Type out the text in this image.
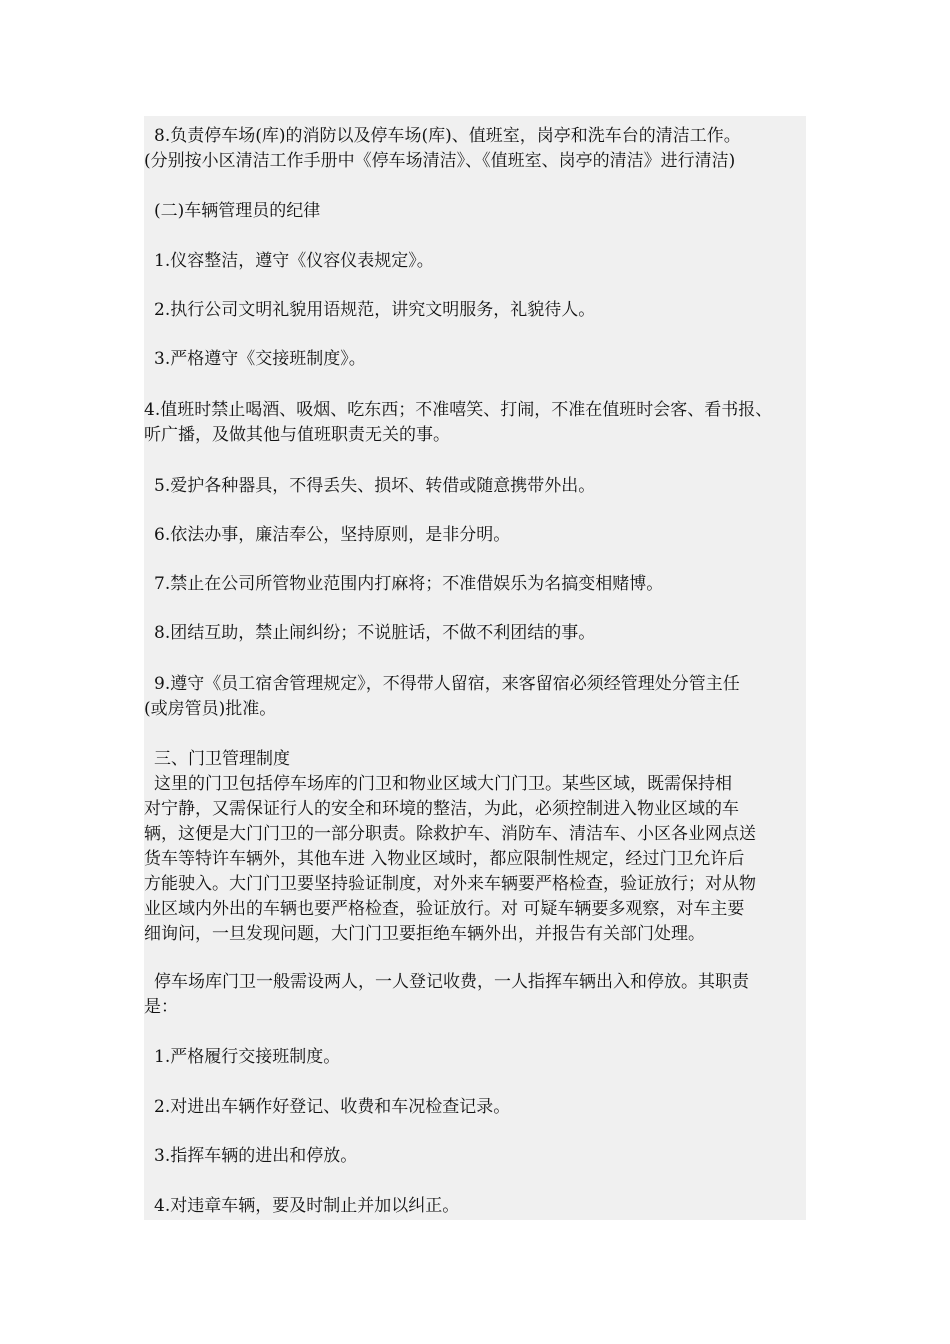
8.负责停车场(库)的消防以及停车场(库)、值班室，岗亭和洗车台的清洁工作。
(分别按小区清洁工作手册中《停车场清洁》、《值班室、岗亭的清洁》进行清洁)
(二)车辆管理员的纪律
1.仪容整洁，遵守《仪容仪表规定》。
2.执行公司文明礼貌用语规范，讲究文明服务，礼貌待人。
3.严格遵守《交接班制度》。
4.值班时禁止喝酒、吸烟、吃东西；不准嘻笑、打闹，不准在值班时会客、看书报、
听广播，及做其他与值班职责无关的事。
5.爱护各种器具，不得丢失、损坏、转借或随意携带外出。
6.依法办事，廉洁奉公，坚持原则，是非分明。
7.禁止在公司所管物业范围内打麻将；不准借娱乐为名搞变相赌博。
8.团结互助，禁止闹纠纷；不说脏话，不做不利团结的事。
9.遵守《员工宿舍管理规定》，不得带人留宿，来客留宿必须经管理处分管主任
(或房管员)批准。
三、门卫管理制度
这里的门卫包括停车场库的门卫和物业区域大门门卫。某些区域，既需保持相
对宁静，又需保证行人的安全和环境的整洁，为此，必须控制进入物业区域的车
辆，这便是大门门卫的一部分职责。除救护车、消防车、清洁车、小区各业网点送
货车等特许车辆外，其他车进 入物业区域时，都应限制性规定，经过门卫允许后
方能驶入。大门门卫要坚持验证制度，对外来车辆要严格检查，验证放行；对从物
业区域内外出的车辆也要严格检查，验证放行。对 可疑车辆要多观察，对车主要
细询问，一旦发现问题，大门门卫要拒绝车辆外出，并报告有关部门处理。
停车场库门卫一般需设两人，一人登记收费，一人指挥车辆出入和停放。其职责
是：
1.严格履行交接班制度。
2.对进出车辆作好登记、收费和车况检查记录。
3.指挥车辆的进出和停放。
4.对违章车辆，要及时制止并加以纠正。
